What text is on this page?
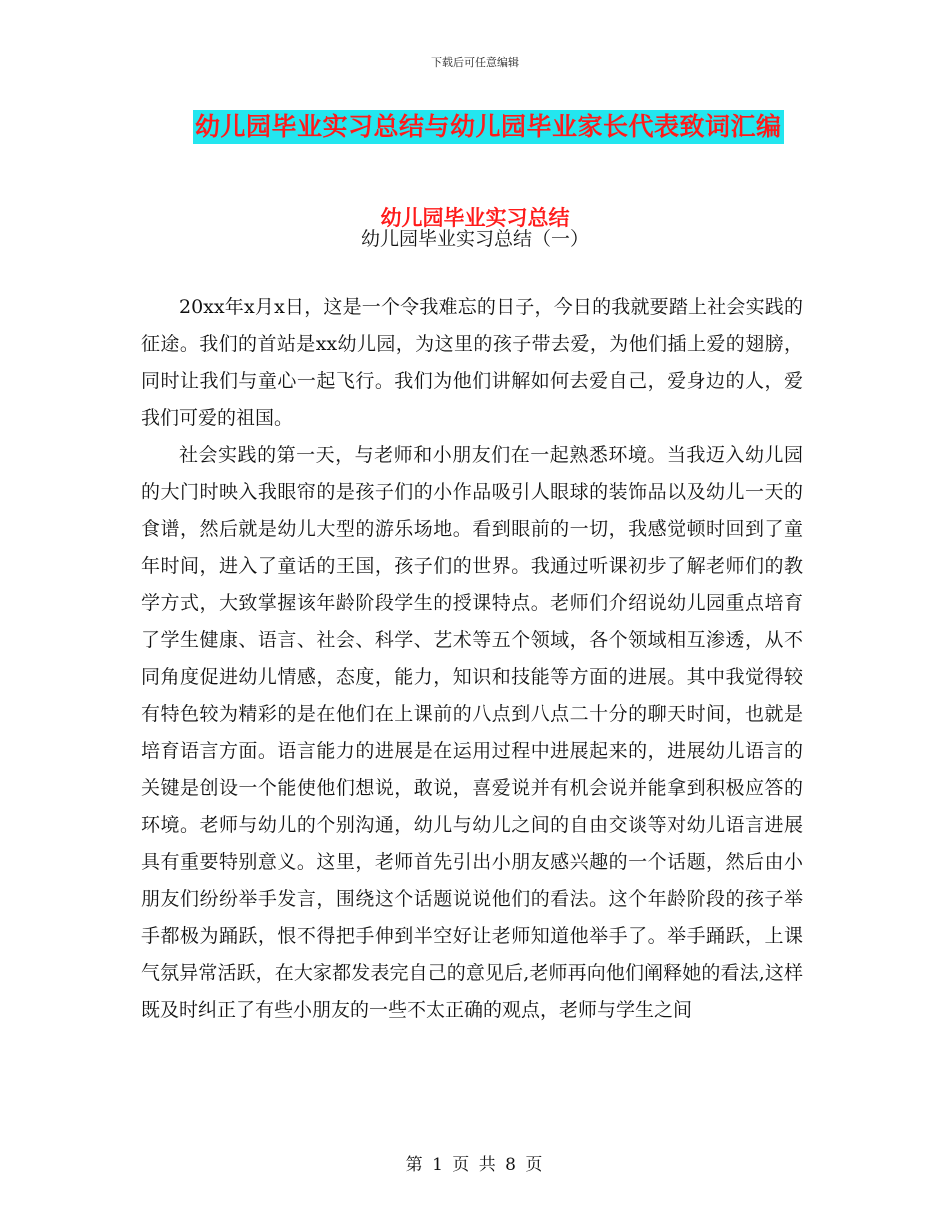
下载后可任意编辑
幼儿园毕业实习总结与幼儿园毕业家长代表致词汇编
幼儿园毕业实习总结
幼儿园毕业实习总结（一）

20xx年x月x日，这是一个令我难忘的日子，今日的我就要踏上社会实践的征途。我们的首站是xx幼儿园，为这里的孩子带去爱，为他们插上爱的翅膀，同时让我们与童心一起飞行。我们为他们讲解如何去爱自己，爱身边的人，爱我们可爱的祖国。

社会实践的第一天，与老师和小朋友们在一起熟悉环境。当我迈入幼儿园的大门时映入我眼帘的是孩子们的小作品吸引人眼球的装饰品以及幼儿一天的食谱，然后就是幼儿大型的游乐场地。看到眼前的一切，我感觉顿时回到了童年时间，进入了童话的王国，孩子们的世界。我通过听课初步了解老师们的教学方式，大致掌握该年龄阶段学生的授课特点。老师们介绍说幼儿园重点培育了学生健康、语言、社会、科学、艺术等五个领域，各个领域相互渗透，从不同角度促进幼儿情感，态度，能力，知识和技能等方面的进展。其中我觉得较有特色较为精彩的是在他们在上课前的八点到八点二十分的聊天时间，也就是培育语言方面。语言能力的进展是在运用过程中进展起来的，进展幼儿语言的关键是创设一个能使他们想说，敢说，喜爱说并有机会说并能拿到积极应答的环境。老师与幼儿的个别沟通，幼儿与幼儿之间的自由交谈等对幼儿语言进展具有重要特别意义。这里，老师首先引出小朋友感兴趣的一个话题，然后由小朋友们纷纷举手发言，围绕这个话题说说他们的看法。这个年龄阶段的孩子举手都极为踊跃，恨不得把手伸到半空好让老师知道他举手了。举手踊跃，上课气氛异常活跃，在大家都发表完自己的意见后,老师再向他们阐释她的看法,这样既及时纠正了有些小朋友的一些不太正确的观点，老师与学生之间

第 1 页 共 8 页
